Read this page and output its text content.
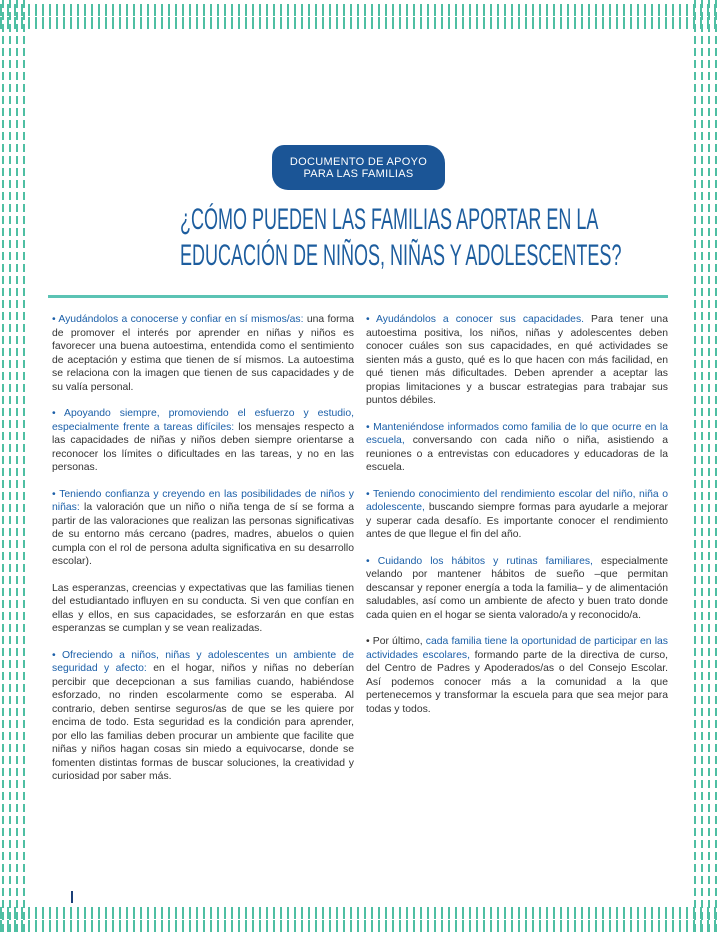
DOCUMENTO DE APOYO
PARA LAS FAMILIAS
¿CÓMO PUEDEN LAS FAMILIAS APORTAR EN LA
EDUCACIÓN DE NIÑOS, NIÑAS Y ADOLESCENTES?

• Ayudándolos a conocerse y confiar en sí mismos/as: una forma de promover el interés por aprender en niñas y niños es favorecer una buena autoestima, entendida como el sentimiento de aceptación y estima que tienen de sí mismos. La autoestima se relaciona con la imagen que tienen de sus capacidades y de su valía personal.

• Apoyando siempre, promoviendo el esfuerzo y estudio, especialmente frente a tareas difíciles: los mensajes respecto a las capacidades de niñas y niños deben siempre orientarse a reconocer los límites o dificultades en las tareas, y no en las personas.

• Teniendo confianza y creyendo en las posibilidades de niños y niñas: la valoración que un niño o niña tenga de sí se forma a partir de las valoraciones que realizan las personas significativas de su entorno más cercano (padres, madres, abuelos o quien cumpla con el rol de persona adulta significativa en su desarrollo escolar).

Las esperanzas, creencias y expectativas que las familias tienen del estudiantado influyen en su conducta. Si ven que confían en ellas y ellos, en sus capacidades, se esforzarán en que estas esperanzas se cumplan y se vean realizadas.

• Ofreciendo a niños, niñas y adolescentes un ambiente de seguridad y afecto: en el hogar, niños y niñas no deberían percibir que decepcionan a sus familias cuando, habiéndose esforzado, no rinden escolarmente como se esperaba. Al contrario, deben sentirse seguros/as de que se les quiere por encima de todo. Esta seguridad es la condición para aprender, por ello las familias deben procurar un ambiente que facilite que niñas y niños hagan cosas sin miedo a equivocarse, donde se fomenten distintas formas de buscar soluciones, la creatividad y curiosidad por saber más.

• Ayudándolos a conocer sus capacidades. Para tener una autoestima positiva, los niños, niñas y adolescentes deben conocer cuáles son sus capacidades, en qué actividades se sienten más a gusto, qué es lo que hacen con más facilidad, en qué tienen más dificultades. Deben aprender a aceptar las propias limitaciones y a buscar estrategias para trabajar sus puntos débiles.

• Manteniéndose informados como familia de lo que ocurre en la escuela, conversando con cada niño o niña, asistiendo a reuniones o a entrevistas con educadores y educadoras de la escuela.

• Teniendo conocimiento del rendimiento escolar del niño, niña o adolescente, buscando siempre formas para ayudarle a mejorar y superar cada desafío. Es importante conocer el rendimiento antes de que llegue el fin del año.

• Cuidando los hábitos y rutinas familiares, especialmente velando por mantener hábitos de sueño –que permitan descansar y reponer energía a toda la familia– y de alimentación saludables, así como un ambiente de afecto y buen trato donde cada quien en el hogar se sienta valorado/a y reconocido/a.

• Por último, cada familia tiene la oportunidad de participar en las actividades escolares, formando parte de la directiva de curso, del Centro de Padres y Apoderados/as o del Consejo Escolar. Así podemos conocer más a la comunidad a la que pertenecemos y transformar la escuela para que sea mejor para todas y todos.
